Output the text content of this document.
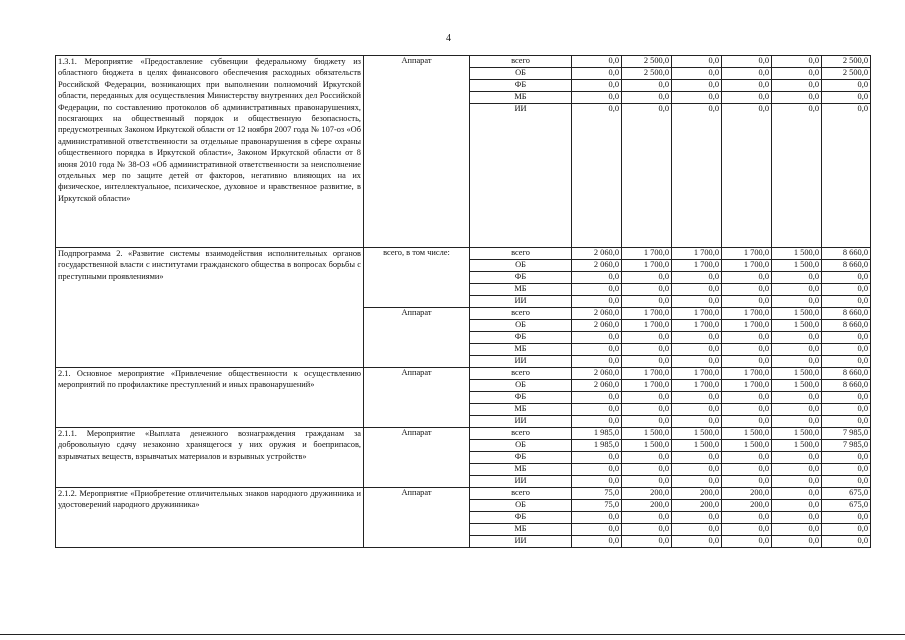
4
1.3.1. Мероприятие «Предоставление субвенции федеральному бюджету из областного бюджета в целях финансового обеспечения расходных обязательств Российской Федерации, возникающих при выполнении полномочий Иркутской области, переданных для осуществления Министерству внутренних дел Российской Федерации, по составлению протоколов об административных правонарушениях, посягающих на общественный порядок и общественную безопасность, предусмотренных Законом Иркутской области от 12 ноября 2007 года № 107-оз «Об административной ответственности за отдельные правонарушения в сфере охраны общественного порядка в Иркутской области», Законом Иркутской области от 8 июня 2010 года № 38-ОЗ «Об административной ответственности за неисполнение отдельных мер по защите детей от факторов, негативно влияющих на их физическое, интеллектуальное, психическое, духовное и нравственное развитие, в Иркутской области»	Аппарат	всего	0,0	2 500,0	0,0	0,0	0,0	2 500,0
		ОБ	0,0	2 500,0	0,0	0,0	0,0	2 500,0
		ФБ	0,0	0,0	0,0	0,0	0,0	0,0
		МБ	0,0	0,0	0,0	0,0	0,0	0,0
		ИИ	0,0	0,0	0,0	0,0	0,0	0,0
Подпрограмма 2. «Развитие системы взаимодействия исполнительных органов государственной власти с институтами гражданского общества в вопросах борьбы с преступными проявлениями»	всего, в том числе:	всего	2 060,0	1 700,0	1 700,0	1 700,0	1 500,0	8 660,0
		ОБ	2 060,0	1 700,0	1 700,0	1 700,0	1 500,0	8 660,0
		ФБ	0,0	0,0	0,0	0,0	0,0	0,0
		МБ	0,0	0,0	0,0	0,0	0,0	0,0
		ИИ	0,0	0,0	0,0	0,0	0,0	0,0
	Аппарат	всего	2 060,0	1 700,0	1 700,0	1 700,0	1 500,0	8 660,0
		ОБ	2 060,0	1 700,0	1 700,0	1 700,0	1 500,0	8 660,0
		ФБ	0,0	0,0	0,0	0,0	0,0	0,0
		МБ	0,0	0,0	0,0	0,0	0,0	0,0
		ИИ	0,0	0,0	0,0	0,0	0,0	0,0
2.1. Основное мероприятие «Привлечение общественности к осуществлению мероприятий по профилактике преступлений и иных правонарушений»	Аппарат	всего	2 060,0	1 700,0	1 700,0	1 700,0	1 500,0	8 660,0
		ОБ	2 060,0	1 700,0	1 700,0	1 700,0	1 500,0	8 660,0
		ФБ	0,0	0,0	0,0	0,0	0,0	0,0
		МБ	0,0	0,0	0,0	0,0	0,0	0,0
		ИИ	0,0	0,0	0,0	0,0	0,0	0,0
2.1.1. Мероприятие «Выплата денежного вознаграждения гражданам за добровольную сдачу незаконно хранящегося у них оружия и боеприпасов, взрывчатых веществ, взрывчатых материалов и взрывных устройств»	Аппарат	всего	1 985,0	1 500,0	1 500,0	1 500,0	1 500,0	7 985,0
		ОБ	1 985,0	1 500,0	1 500,0	1 500,0	1 500,0	7 985,0
		ФБ	0,0	0,0	0,0	0,0	0,0	0,0
		МБ	0,0	0,0	0,0	0,0	0,0	0,0
		ИИ	0,0	0,0	0,0	0,0	0,0	0,0
2.1.2. Мероприятие «Приобретение отличительных знаков народного дружинника и удостоверений народного дружинника»	Аппарат	всего	75,0	200,0	200,0	200,0	0,0	675,0
		ОБ	75,0	200,0	200,0	200,0	0,0	675,0
		ФБ	0,0	0,0	0,0	0,0	0,0	0,0
		МБ	0,0	0,0	0,0	0,0	0,0	0,0
		ИИ	0,0	0,0	0,0	0,0	0,0	0,0
